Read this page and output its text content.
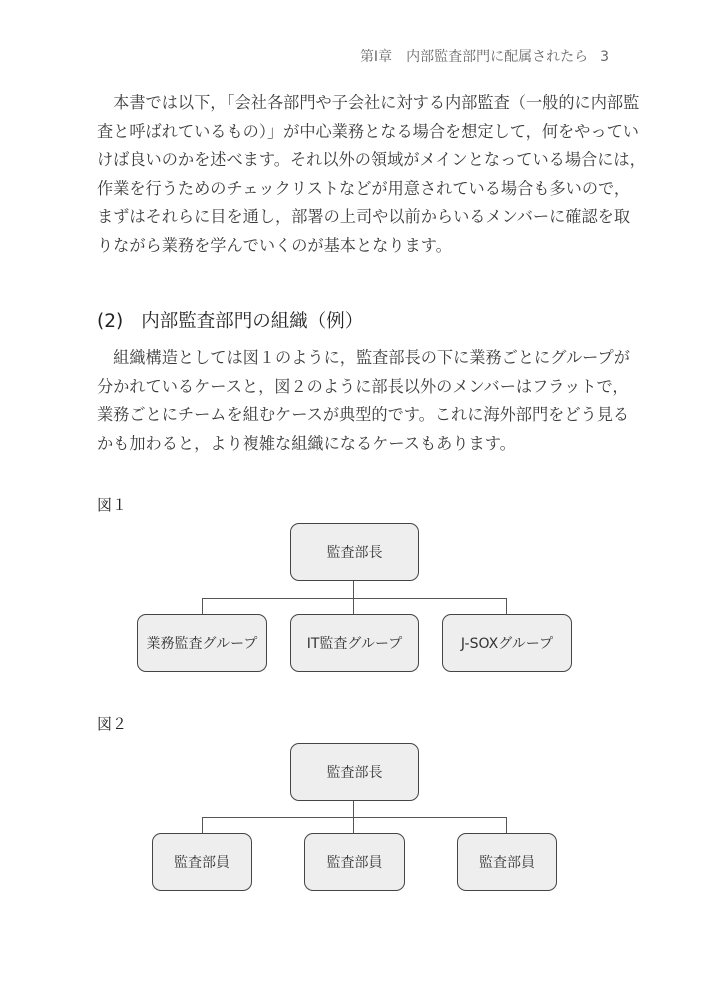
第Ⅰ章　内部監査部門に配属されたら 3
　本書では以下，「会社各部門や子会社に対する内部監査（一般的に内部監
査と呼ばれているもの）」が中心業務となる場合を想定して，何をやってい
けば良いのかを述べます。それ以外の領域がメインとなっている場合には，
作業を行うためのチェックリストなどが用意されている場合も多いので，
まずはそれらに目を通し，部署の上司や以前からいるメンバーに確認を取
りながら業務を学んでいくのが基本となります。
(2) 内部監査部門の組織（例）
　組織構造としては図１のように，監査部長の下に業務ごとにグループが
分かれているケースと，図２のように部長以外のメンバーはフラットで，
業務ごとにチームを組むケースが典型的です。これに海外部門をどう見る
かも加わると，より複雑な組織になるケースもあります。
図１
監査部長
業務監査グループ	IT監査グループ	J-SOXグループ
図２
監査部長
監査部員	監査部員	監査部員
